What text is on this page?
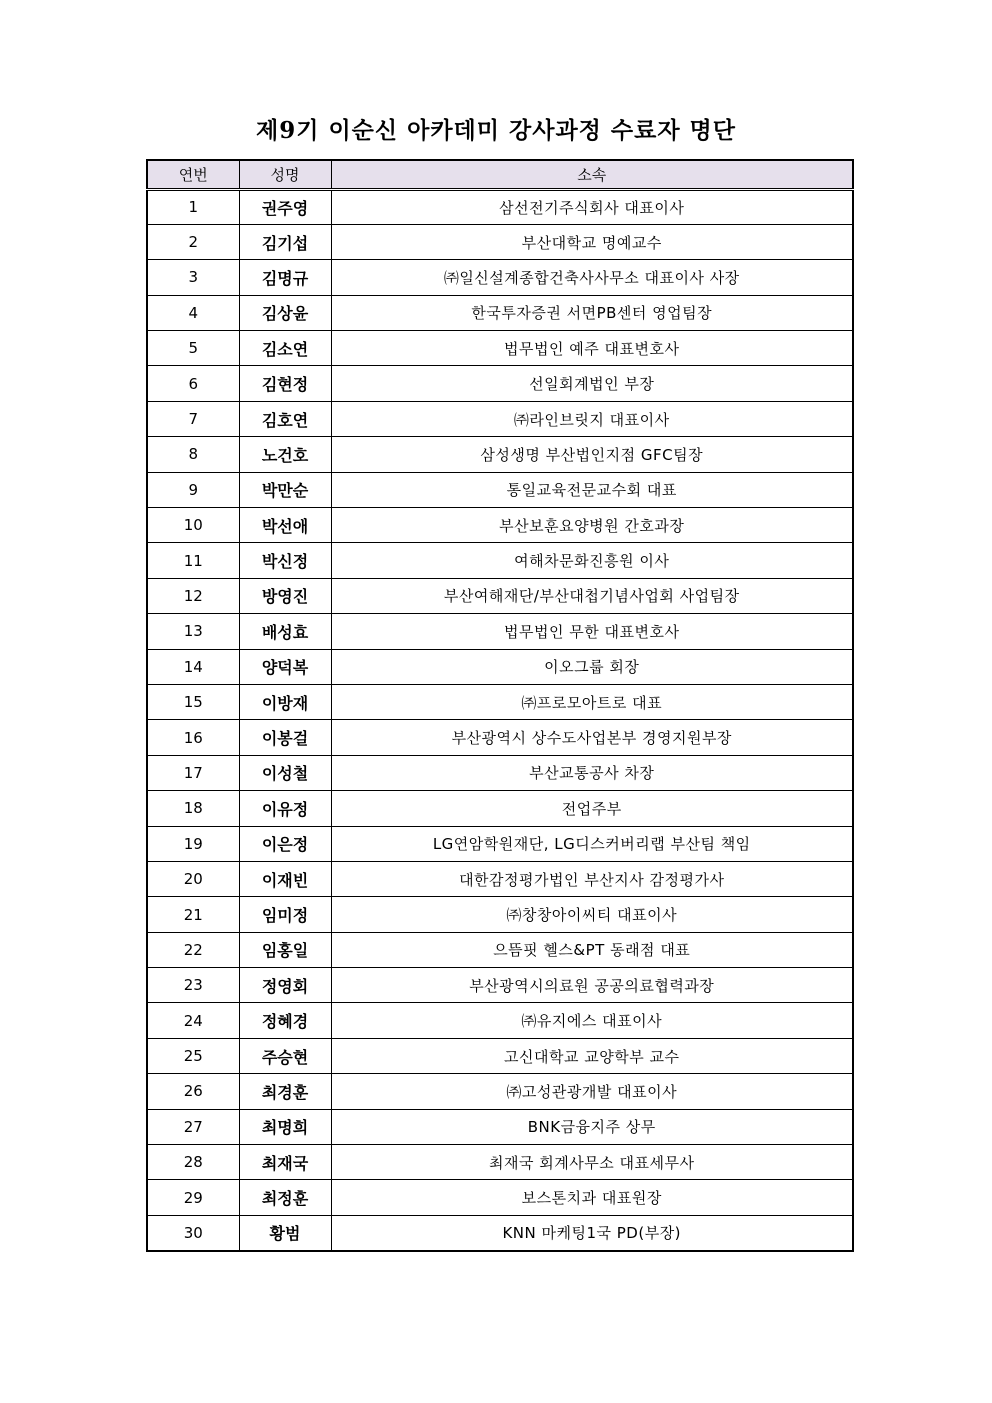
제9기 이순신 아카데미 강사과정 수료자 명단
연번	성명	소속
1	권주영	삼선전기주식회사 대표이사
2	김기섭	부산대학교 명예교수
3	김명규	㈜일신설계종합건축사사무소 대표이사 사장
4	김상윤	한국투자증권 서면PB센터 영업팀장
5	김소연	법무법인 예주 대표변호사
6	김현정	선일회계법인 부장
7	김호연	㈜라인브릿지 대표이사
8	노건호	삼성생명 부산법인지점 GFC팀장
9	박만순	통일교육전문교수회 대표
10	박선애	부산보훈요양병원 간호과장
11	박신정	여해차문화진흥원 이사
12	방영진	부산여해재단/부산대첩기념사업회 사업팀장
13	배성효	법무법인 무한 대표변호사
14	양덕복	이오그룹 회장
15	이방재	㈜프로모아트로 대표
16	이봉걸	부산광역시 상수도사업본부 경영지원부장
17	이성철	부산교통공사 차장
18	이유정	전업주부
19	이은정	LG연암학원재단, LG디스커버리랩 부산팀 책임
20	이재빈	대한감정평가법인 부산지사 감정평가사
21	임미정	㈜창창아이씨티 대표이사
22	임홍일	으뜸핏 헬스&PT 동래점 대표
23	정영회	부산광역시의료원 공공의료협력과장
24	정혜경	㈜유지에스 대표이사
25	주승현	고신대학교 교양학부 교수
26	최경훈	㈜고성관광개발 대표이사
27	최명희	BNK금융지주 상무
28	최재국	최재국 회계사무소 대표세무사
29	최정훈	보스톤치과 대표원장
30	황범	KNN 마케팅1국 PD(부장)
